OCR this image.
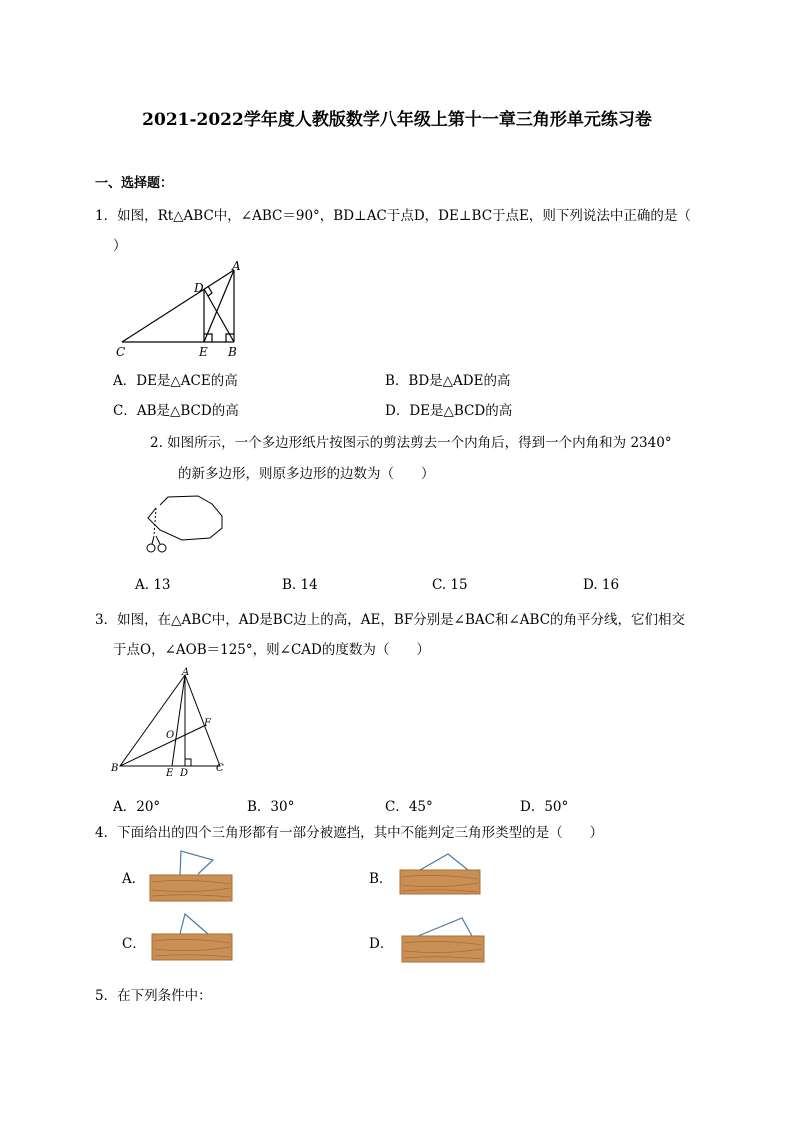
2021-2022学年度人教版数学八年级上第十一章三角形单元练习卷
一、选择题：
1．如图，Rt△ABC中，∠ABC＝90°，BD⊥AC于点D，DE⊥BC于点E，则下列说法中正确的是（
）
A
D
C	E B
A．DE是△ACE的高	B．BD是△ADE的高
C．AB是△BCD的高	D．DE是△BCD的高
2. 如图所示，一个多边形纸片按图示的剪法剪去一个内角后，得到一个内角和为 2340°
的新多边形，则原多边形的边数为（　　）
A. 13	B. 14	C. 15	D. 16
3．如图，在△ABC中，AD是BC边上的高，AE，BF分别是∠BAC和∠ABC的角平分线，它们相交
于点O，∠AOB＝125°，则∠CAD的度数为（　　）
A
B	C
E D
F
O
A．20°	B．30°	C．45°	D．50°
4．下面给出的四个三角形都有一部分被遮挡，其中不能判定三角形类型的是（　　）
A．	B．
C．	D．
5．在下列条件中：
